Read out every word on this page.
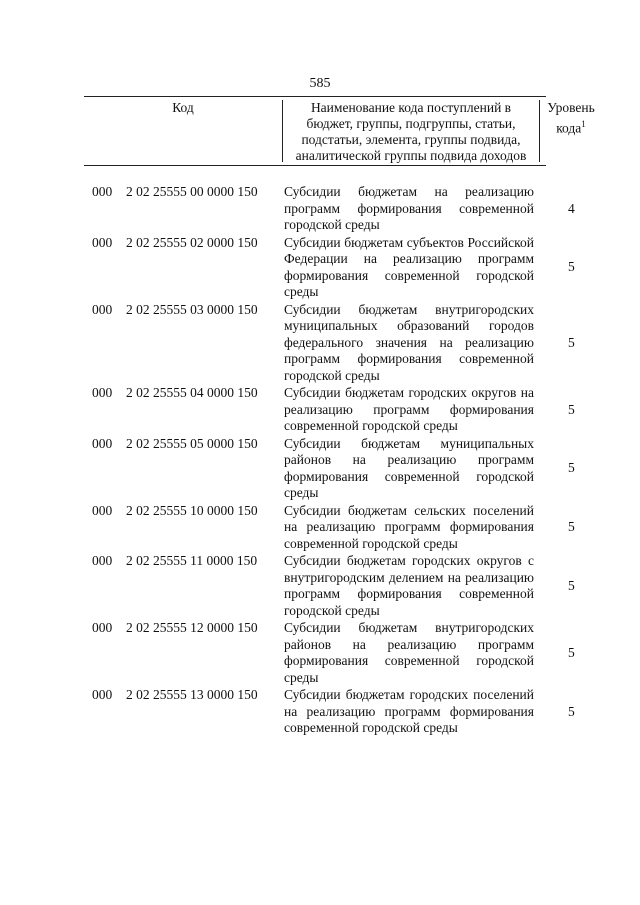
585
Код	Наименование кода поступлений в бюджет, группы, подгруппы, статьи, подстатьи, элемента, группы подвида, аналитической группы подвида доходов
Уровень кода$^1$
000 2 02 25555 00 0000 150 Субсидии бюджетам на реализацию программ формирования современной городской среды
4
000 2 02 25555 02 0000 150 Субсидии бюджетам субъектов Российской Федерации на реализацию программ формирования современной городской среды
5
000 2 02 25555 03 0000 150 Субсидии бюджетам внутригородских муниципальных образований городов федерального значения на реализацию программ формирования современной городской среды
5
000 2 02 25555 04 0000 150 Субсидии бюджетам городских округов на реализацию программ формирования современной городской среды
5
000 2 02 25555 05 0000 150 Субсидии бюджетам муниципальных районов на реализацию программ формирования современной городской среды
5
000 2 02 25555 10 0000 150 Субсидии бюджетам сельских поселений на реализацию программ формирования современной городской среды
5
000 2 02 25555 11 0000 150 Субсидии бюджетам городских округов с внутригородским делением на реализацию программ формирования современной городской среды
5
000 2 02 25555 12 0000 150 Субсидии бюджетам внутригородских районов на реализацию программ формирования современной городской среды
5
000 2 02 25555 13 0000 150 Субсидии бюджетам городских поселений на реализацию программ формирования современной городской среды
5
